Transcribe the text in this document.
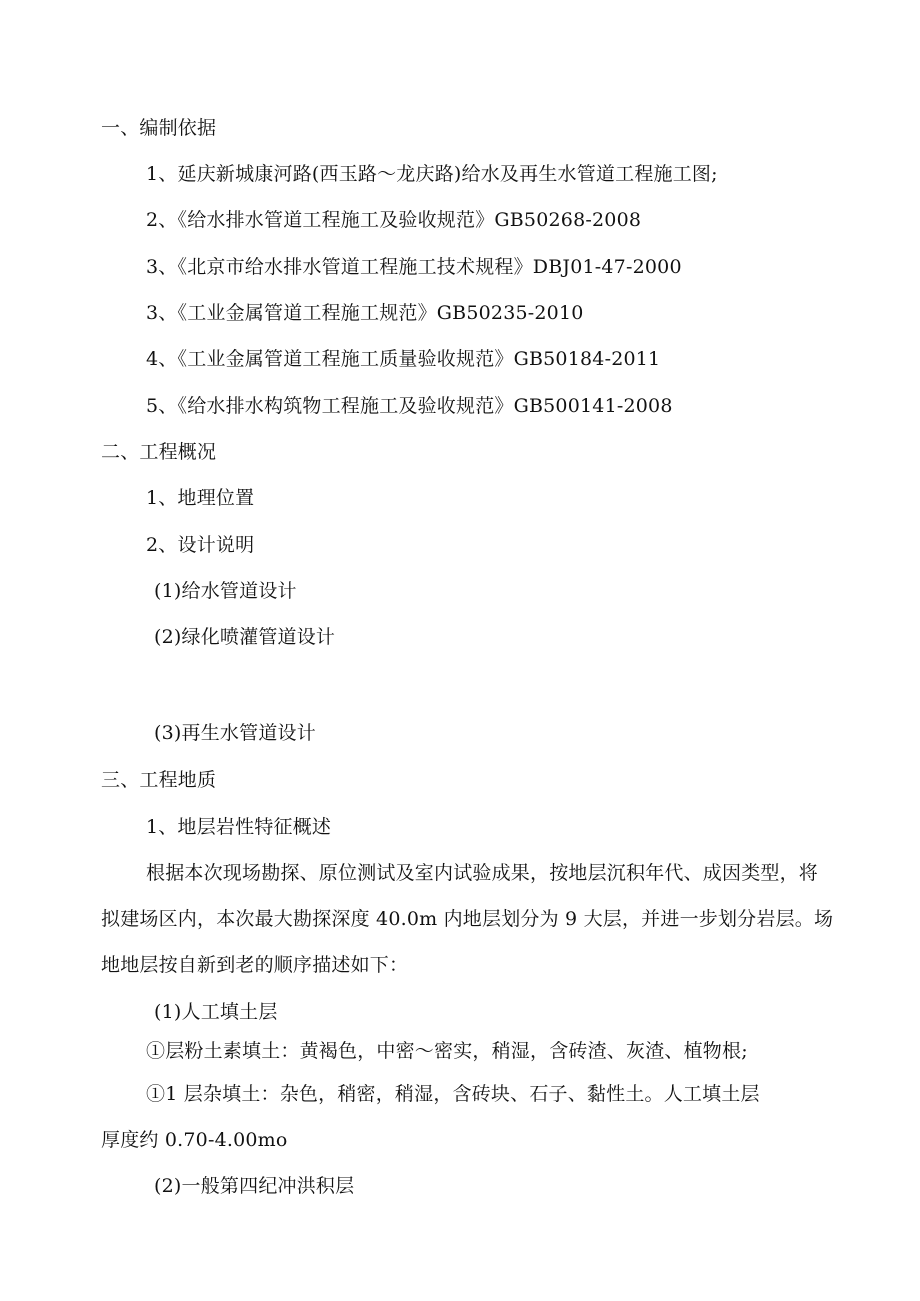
一、编制依据
1、延庆新城康河路(西玉路～龙庆路)给水及再生水管道工程施工图;
2、《给水排水管道工程施工及验收规范》GB50268-2008
3、《北京市给水排水管道工程施工技术规程》DBJ01-47-2000
3、《工业金属管道工程施工规范》GB50235-2010
4、《工业金属管道工程施工质量验收规范》GB50184-2011
5、《给水排水构筑物工程施工及验收规范》GB500141-2008
二、工程概况
1、地理位置
2、设计说明
(1)给水管道设计
(2)绿化喷灌管道设计
(3)再生水管道设计
三、工程地质
1、地层岩性特征概述
根据本次现场勘探、原位测试及室内试验成果，按地层沉积年代、成因类型，将
拟建场区内，本次最大勘探深度 40.0m 内地层划分为 9 大层，并进一步划分岩层。场
地地层按自新到老的顺序描述如下：
(1)人工填土层
①层粉土素填土：黄褐色，中密～密实，稍湿，含砖渣、灰渣、植物根;
①1 层杂填土：杂色，稍密，稍湿，含砖块、石子、黏性土。人工填土层
厚度约 0.70-4.00mo
(2)一般第四纪冲洪积层
